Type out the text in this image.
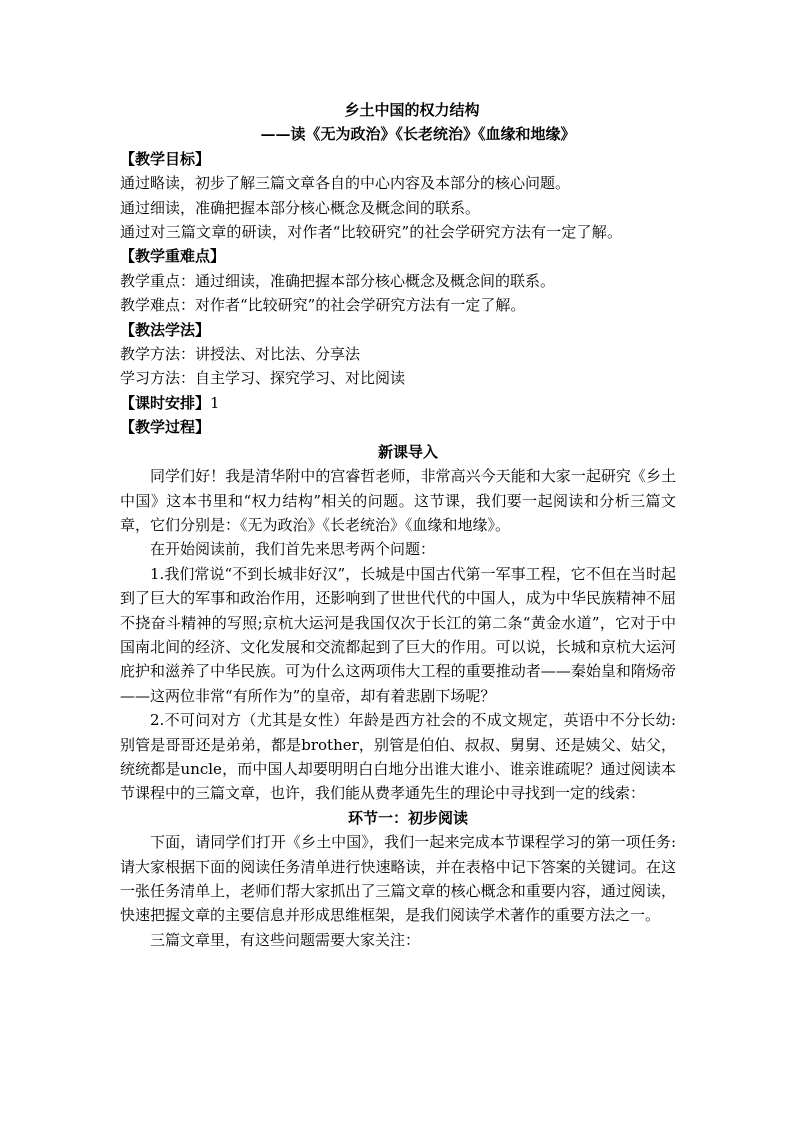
乡土中国的权力结构
——读《无为政治》《长老统治》《血缘和地缘》
【教学目标】
通过略读，初步了解三篇文章各自的中心内容及本部分的核心问题。
通过细读，准确把握本部分核心概念及概念间的联系。
通过对三篇文章的研读，对作者“比较研究”的社会学研究方法有一定了解。
【教学重难点】
教学重点：通过细读，准确把握本部分核心概念及概念间的联系。
教学难点：对作者“比较研究”的社会学研究方法有一定了解。
【教法学法】
教学方法：讲授法、对比法、分享法
学习方法：自主学习、探究学习、对比阅读
【课时安排】1
【教学过程】
新课导入

同学们好！我是清华附中的宫睿哲老师，非常高兴今天能和大家一起研究《乡土中国》这本书里和“权力结构”相关的问题。这节课，我们要一起阅读和分析三篇文章，它们分别是：《无为政治》《长老统治》《血缘和地缘》。

在开始阅读前，我们首先来思考两个问题：

1.我们常说“不到长城非好汉”，长城是中国古代第一军事工程，它不但在当时起到了巨大的军事和政治作用，还影响到了世世代代的中国人，成为中华民族精神不屈不挠奋斗精神的写照;京杭大运河是我国仅次于长江的第二条“黄金水道”，它对于中国南北间的经济、文化发展和交流都起到了巨大的作用。可以说，长城和京杭大运河庇护和滋养了中华民族。可为什么这两项伟大工程的重要推动者——秦始皇和隋炀帝——这两位非常“有所作为”的皇帝，却有着悲剧下场呢？

2.不可问对方（尤其是女性）年龄是西方社会的不成文规定，英语中不分长幼:别管是哥哥还是弟弟，都是brother，别管是伯伯、叔叔、舅舅、还是姨父、姑父，统统都是uncle，而中国人却要明明白白地分出谁大谁小、谁亲谁疏呢？通过阅读本节课程中的三篇文章，也许，我们能从费孝通先生的理论中寻找到一定的线索：

环节一：初步阅读

下面，请同学们打开《乡土中国》，我们一起来完成本节课程学习的第一项任务:请大家根据下面的阅读任务清单进行快速略读，并在表格中记下答案的关键词。在这一张任务清单上，老师们帮大家抓出了三篇文章的核心概念和重要内容，通过阅读，快速把握文章的主要信息并形成思维框架，是我们阅读学术著作的重要方法之一。

三篇文章里，有这些问题需要大家关注：
